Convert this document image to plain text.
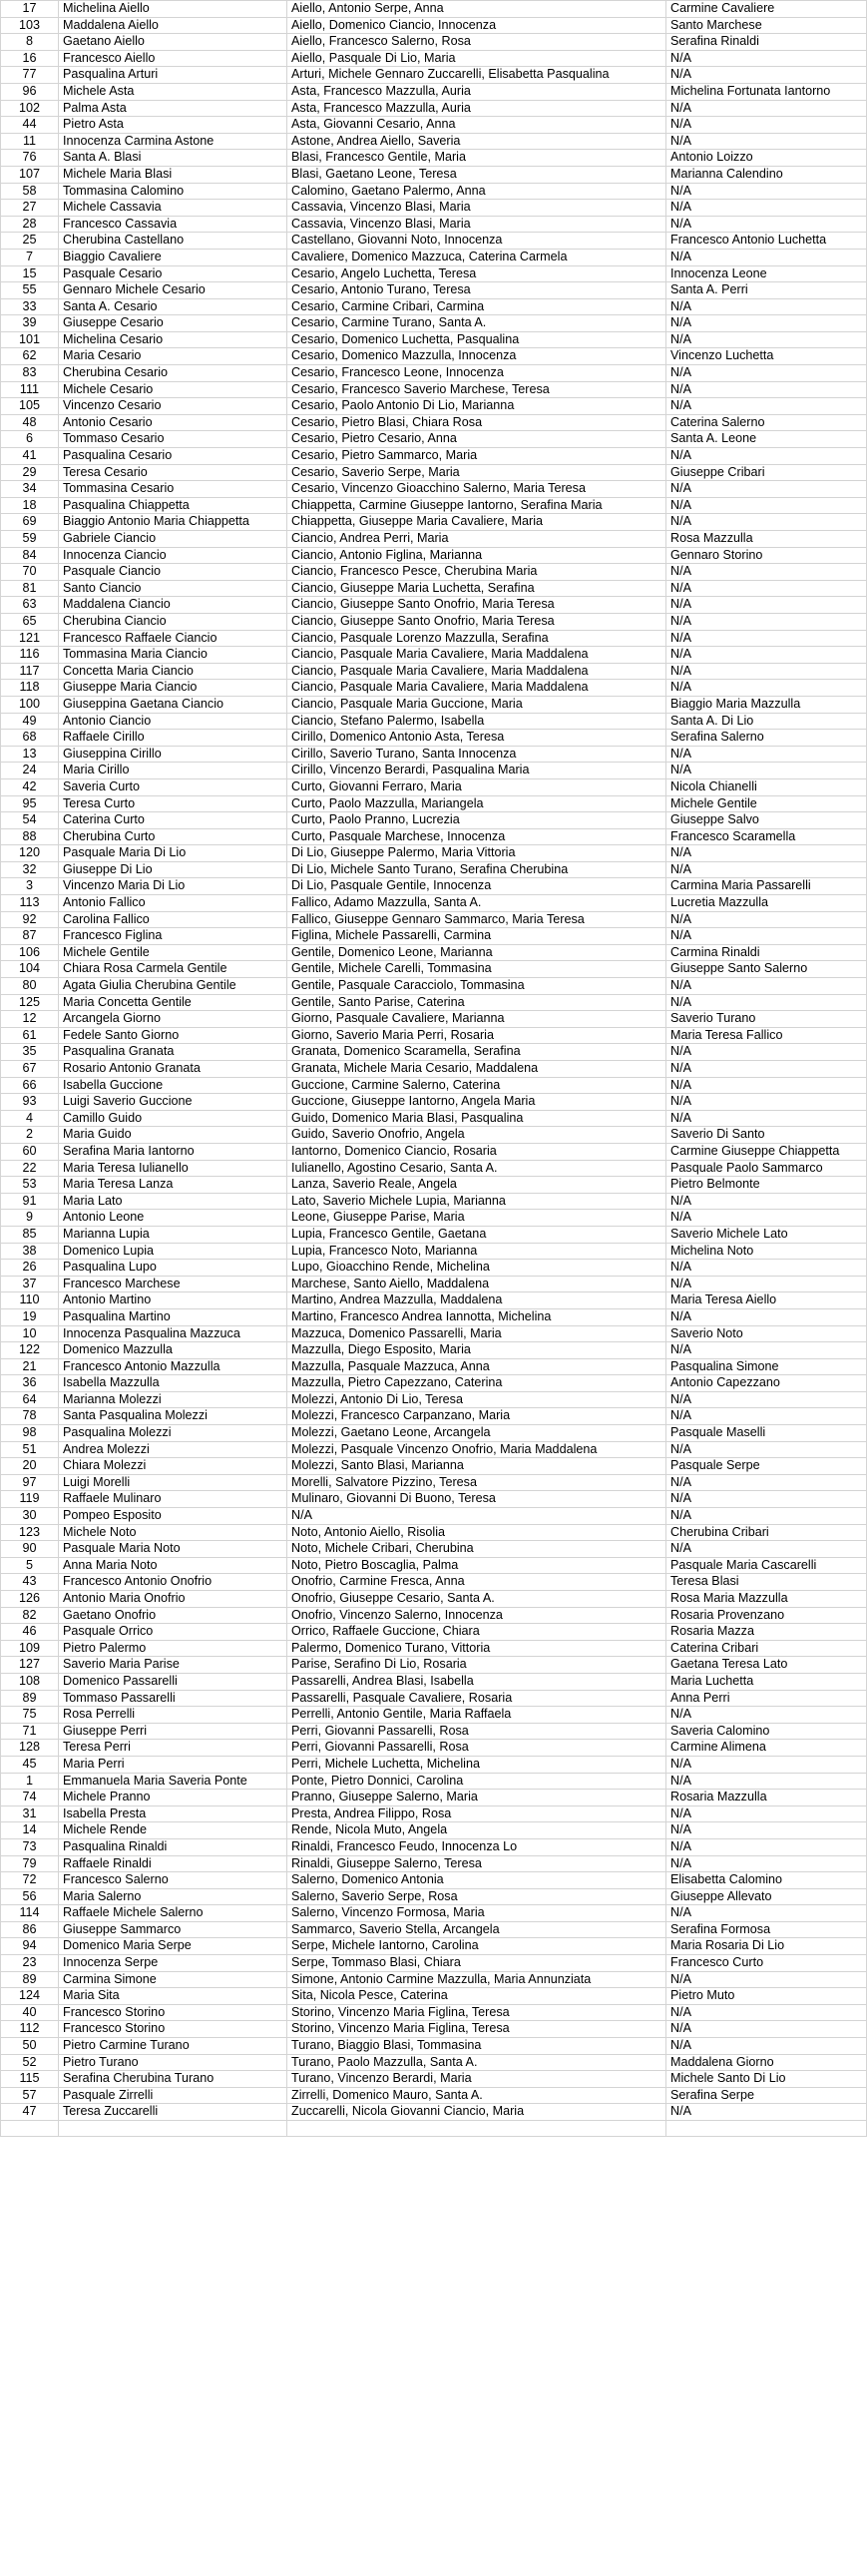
17	Michelina Aiello	Aiello, Antonio Serpe, Anna	Carmine Cavaliere
103	Maddalena Aiello	Aiello, Domenico Ciancio, Innocenza	Santo Marchese
8	Gaetano Aiello	Aiello, Francesco Salerno, Rosa	Serafina Rinaldi
16	Francesco Aiello	Aiello, Pasquale Di Lio, Maria	N/A
77	Pasqualina Arturi	Arturi, Michele Gennaro Zuccarelli, Elisabetta Pasqualina	N/A
96	Michele Asta	Asta, Francesco Mazzulla, Auria	Michelina Fortunata Iantorno
102	Palma Asta	Asta, Francesco Mazzulla, Auria	N/A
44	Pietro Asta	Asta, Giovanni Cesario, Anna	N/A
11	Innocenza Carmina Astone	Astone, Andrea Aiello, Saveria	N/A
76	Santa A. Blasi	Blasi, Francesco Gentile, Maria	Antonio Loizzo
107	Michele Maria Blasi	Blasi, Gaetano Leone, Teresa	Marianna Calendino
58	Tommasina Calomino	Calomino, Gaetano Palermo, Anna	N/A
27	Michele Cassavia	Cassavia, Vincenzo Blasi, Maria	N/A
28	Francesco Cassavia	Cassavia, Vincenzo Blasi, Maria	N/A
25	Cherubina Castellano	Castellano, Giovanni Noto, Innocenza	Francesco Antonio Luchetta
7	Biaggio Cavaliere	Cavaliere, Domenico Mazzuca, Caterina Carmela	N/A
15	Pasquale Cesario	Cesario, Angelo Luchetta, Teresa	Innocenza Leone
55	Gennaro Michele Cesario	Cesario, Antonio Turano, Teresa	Santa A. Perri
33	Santa A. Cesario	Cesario, Carmine Cribari, Carmina	N/A
39	Giuseppe Cesario	Cesario, Carmine Turano, Santa A.	N/A
101	Michelina Cesario	Cesario, Domenico Luchetta, Pasqualina	N/A
62	Maria Cesario	Cesario, Domenico Mazzulla, Innocenza	Vincenzo Luchetta
83	Cherubina Cesario	Cesario, Francesco Leone, Innocenza	N/A
111	Michele Cesario	Cesario, Francesco Saverio Marchese, Teresa	N/A
105	Vincenzo Cesario	Cesario, Paolo Antonio Di Lio, Marianna	N/A
48	Antonio Cesario	Cesario, Pietro Blasi, Chiara Rosa	Caterina Salerno
6	Tommaso Cesario	Cesario, Pietro Cesario, Anna	Santa A. Leone
41	Pasqualina Cesario	Cesario, Pietro Sammarco, Maria	N/A
29	Teresa Cesario	Cesario, Saverio Serpe, Maria	Giuseppe Cribari
34	Tommasina Cesario	Cesario, Vincenzo Gioacchino Salerno, Maria Teresa	N/A
18	Pasqualina Chiappetta	Chiappetta, Carmine Giuseppe Iantorno, Serafina Maria	N/A
69	Biaggio Antonio Maria Chiappetta	Chiappetta, Giuseppe Maria Cavaliere, Maria	N/A
59	Gabriele Ciancio	Ciancio, Andrea Perri, Maria	Rosa Mazzulla
84	Innocenza Ciancio	Ciancio, Antonio Figlina, Marianna	Gennaro Storino
70	Pasquale Ciancio	Ciancio, Francesco Pesce, Cherubina Maria	N/A
81	Santo Ciancio	Ciancio, Giuseppe Maria Luchetta, Serafina	N/A
63	Maddalena Ciancio	Ciancio, Giuseppe Santo Onofrio, Maria Teresa	N/A
65	Cherubina Ciancio	Ciancio, Giuseppe Santo Onofrio, Maria Teresa	N/A
121	Francesco Raffaele Ciancio	Ciancio, Pasquale Lorenzo Mazzulla, Serafina	N/A
116	Tommasina Maria Ciancio	Ciancio, Pasquale Maria Cavaliere, Maria Maddalena	N/A
117	Concetta Maria Ciancio	Ciancio, Pasquale Maria Cavaliere, Maria Maddalena	N/A
118	Giuseppe Maria Ciancio	Ciancio, Pasquale Maria Cavaliere, Maria Maddalena	N/A
100	Giuseppina Gaetana Ciancio	Ciancio, Pasquale Maria Guccione, Maria	Biaggio Maria Mazzulla
49	Antonio Ciancio	Ciancio, Stefano Palermo, Isabella	Santa A. Di Lio
68	Raffaele Cirillo	Cirillo, Domenico Antonio Asta, Teresa	Serafina Salerno
13	Giuseppina Cirillo	Cirillo, Saverio Turano, Santa Innocenza	N/A
24	Maria Cirillo	Cirillo, Vincenzo Berardi, Pasqualina Maria	N/A
42	Saveria Curto	Curto, Giovanni Ferraro, Maria	Nicola Chianelli
95	Teresa Curto	Curto, Paolo Mazzulla, Mariangela	Michele Gentile
54	Caterina Curto	Curto, Paolo Pranno, Lucrezia	Giuseppe Salvo
88	Cherubina Curto	Curto, Pasquale Marchese, Innocenza	Francesco Scaramella
120	Pasquale Maria Di Lio	Di Lio, Giuseppe Palermo, Maria Vittoria	N/A
32	Giuseppe Di Lio	Di Lio, Michele Santo Turano, Serafina Cherubina	N/A
3	Vincenzo Maria Di Lio	Di Lio, Pasquale Gentile, Innocenza	Carmina Maria Passarelli
113	Antonio Fallico	Fallico, Adamo Mazzulla, Santa A.	Lucretia Mazzulla
92	Carolina Fallico	Fallico, Giuseppe Gennaro Sammarco, Maria Teresa	N/A
87	Francesco Figlina	Figlina, Michele Passarelli, Carmina	N/A
106	Michele Gentile	Gentile, Domenico Leone, Marianna	Carmina Rinaldi
104	Chiara Rosa Carmela Gentile	Gentile, Michele Carelli, Tommasina	Giuseppe Santo Salerno
80	Agata Giulia Cherubina Gentile	Gentile, Pasquale Caracciolo, Tommasina	N/A
125	Maria Concetta Gentile	Gentile, Santo Parise, Caterina	N/A
12	Arcangela Giorno	Giorno, Pasquale Cavaliere, Marianna	Saverio Turano
61	Fedele Santo Giorno	Giorno, Saverio Maria Perri, Rosaria	Maria Teresa Fallico
35	Pasqualina Granata	Granata, Domenico Scaramella, Serafina	N/A
67	Rosario Antonio Granata	Granata, Michele Maria Cesario, Maddalena	N/A
66	Isabella Guccione	Guccione, Carmine Salerno, Caterina	N/A
93	Luigi Saverio Guccione	Guccione, Giuseppe Iantorno, Angela Maria	N/A
4	Camillo Guido	Guido, Domenico Maria Blasi, Pasqualina	N/A
2	Maria Guido	Guido, Saverio Onofrio, Angela	Saverio Di Santo
60	Serafina Maria Iantorno	Iantorno, Domenico Ciancio, Rosaria	Carmine Giuseppe Chiappetta
22	Maria Teresa Iulianello	Iulianello, Agostino Cesario, Santa A.	Pasquale Paolo Sammarco
53	Maria Teresa Lanza	Lanza, Saverio Reale, Angela	Pietro Belmonte
91	Maria Lato	Lato, Saverio Michele Lupia, Marianna	N/A
9	Antonio Leone	Leone, Giuseppe Parise, Maria	N/A
85	Marianna Lupia	Lupia, Francesco Gentile, Gaetana	Saverio Michele Lato
38	Domenico Lupia	Lupia, Francesco Noto, Marianna	Michelina Noto
26	Pasqualina Lupo	Lupo, Gioacchino Rende, Michelina	N/A
37	Francesco Marchese	Marchese, Santo Aiello, Maddalena	N/A
110	Antonio Martino	Martino, Andrea Mazzulla, Maddalena	Maria Teresa Aiello
19	Pasqualina Martino	Martino, Francesco Andrea Iannotta, Michelina	N/A
10	Innocenza Pasqualina Mazzuca	Mazzuca, Domenico Passarelli, Maria	Saverio Noto
122	Domenico Mazzulla	Mazzulla, Diego Esposito, Maria	N/A
21	Francesco Antonio Mazzulla	Mazzulla, Pasquale Mazzuca, Anna	Pasqualina Simone
36	Isabella Mazzulla	Mazzulla, Pietro Capezzano, Caterina	Antonio Capezzano
64	Marianna Molezzi	Molezzi, Antonio Di Lio, Teresa	N/A
78	Santa Pasqualina Molezzi	Molezzi, Francesco Carpanzano, Maria	N/A
98	Pasqualina Molezzi	Molezzi, Gaetano Leone, Arcangela	Pasquale Maselli
51	Andrea Molezzi	Molezzi, Pasquale Vincenzo Onofrio, Maria Maddalena	N/A
20	Chiara Molezzi	Molezzi, Santo Blasi, Marianna	Pasquale Serpe
97	Luigi Morelli	Morelli, Salvatore Pizzino, Teresa	N/A
119	Raffaele Mulinaro	Mulinaro, Giovanni Di Buono, Teresa	N/A
30	Pompeo Esposito	N/A	N/A
123	Michele Noto	Noto, Antonio Aiello, Risolia	Cherubina Cribari
90	Pasquale Maria Noto	Noto, Michele Cribari, Cherubina	N/A
5	Anna Maria Noto	Noto, Pietro Boscaglia, Palma	Pasquale Maria Cascarelli
43	Francesco Antonio Onofrio	Onofrio, Carmine Fresca, Anna	Teresa Blasi
126	Antonio Maria Onofrio	Onofrio, Giuseppe Cesario, Santa A.	Rosa Maria Mazzulla
82	Gaetano Onofrio	Onofrio, Vincenzo Salerno, Innocenza	Rosaria Provenzano
46	Pasquale Orrico	Orrico, Raffaele Guccione, Chiara	Rosaria Mazza
109	Pietro Palermo	Palermo, Domenico Turano, Vittoria	Caterina Cribari
127	Saverio Maria Parise	Parise, Serafino Di Lio, Rosaria	Gaetana Teresa Lato
108	Domenico Passarelli	Passarelli, Andrea Blasi, Isabella	Maria Luchetta
89	Tommaso Passarelli	Passarelli, Pasquale Cavaliere, Rosaria	Anna Perri
75	Rosa Perrelli	Perrelli, Antonio Gentile, Maria Raffaela	N/A
71	Giuseppe Perri	Perri, Giovanni Passarelli, Rosa	Saveria Calomino
128	Teresa Perri	Perri, Giovanni Passarelli, Rosa	Carmine Alimena
45	Maria Perri	Perri, Michele Luchetta, Michelina	N/A
1	Emmanuela Maria Saveria Ponte	Ponte, Pietro Donnici, Carolina	N/A
74	Michele Pranno	Pranno, Giuseppe Salerno, Maria	Rosaria Mazzulla
31	Isabella Presta	Presta, Andrea Filippo, Rosa	N/A
14	Michele Rende	Rende, Nicola Muto, Angela	N/A
73	Pasqualina Rinaldi	Rinaldi, Francesco Feudo, Innocenza Lo	N/A
79	Raffaele Rinaldi	Rinaldi, Giuseppe Salerno, Teresa	N/A
72	Francesco Salerno	Salerno, Domenico Antonia	Elisabetta Calomino
56	Maria Salerno	Salerno, Saverio Serpe, Rosa	Giuseppe Allevato
114	Raffaele Michele Salerno	Salerno, Vincenzo Formosa, Maria	N/A
86	Giuseppe Sammarco	Sammarco, Saverio Stella, Arcangela	Serafina Formosa
94	Domenico Maria Serpe	Serpe, Michele Iantorno, Carolina	Maria Rosaria Di Lio
23	Innocenza Serpe	Serpe, Tommaso Blasi, Chiara	Francesco Curto
89	Carmina Simone	Simone, Antonio Carmine Mazzulla, Maria Annunziata	N/A
124	Maria Sita	Sita, Nicola Pesce, Caterina	Pietro Muto
40	Francesco Storino	Storino, Vincenzo Maria Figlina, Teresa	N/A
112	Francesco Storino	Storino, Vincenzo Maria Figlina, Teresa	N/A
50	Pietro Carmine Turano	Turano, Biaggio Blasi, Tommasina	N/A
52	Pietro Turano	Turano, Paolo Mazzulla, Santa A.	Maddalena Giorno
115	Serafina Cherubina Turano	Turano, Vincenzo Berardi, Maria	Michele Santo Di Lio
57	Pasquale Zirrelli	Zirrelli, Domenico Mauro, Santa A.	Serafina Serpe
47	Teresa Zuccarelli	Zuccarelli, Nicola Giovanni Ciancio, Maria	N/A
